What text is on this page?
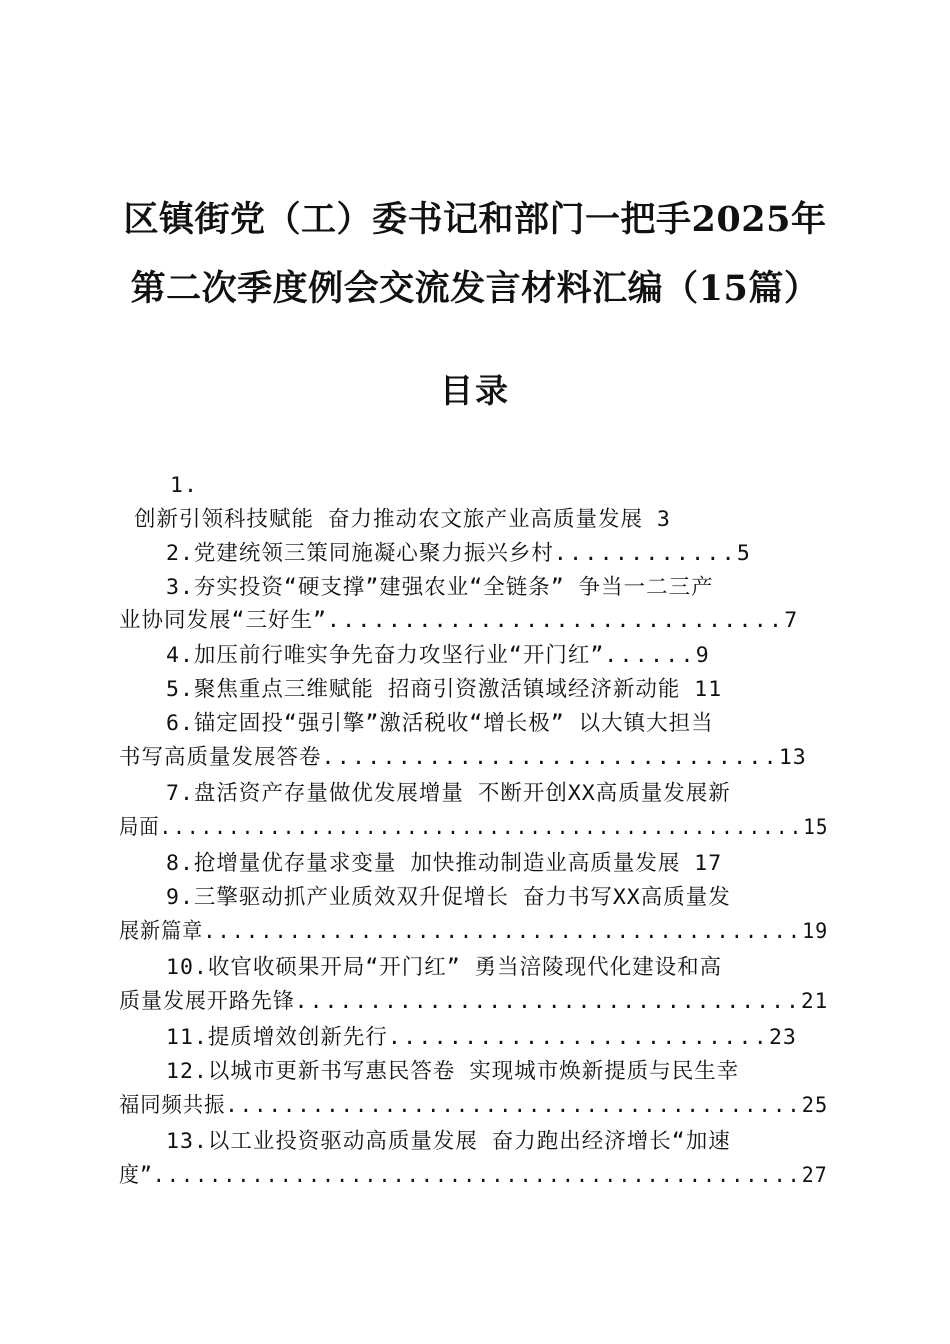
区镇街党（工）委书记和部门一把手2025年
第二次季度例会交流发言材料汇编（15篇）
目录
1.
创新引领科技赋能 奋力推动农文旅产业高质量发展 3
2.党建统领三策同施凝心聚力振兴乡村............5
3.夯实投资“硬支撑”建强农业“全链条” 争当一二三产
业协同发展“三好生”..............................7
4.加压前行唯实争先奋力攻坚行业“开门红”......9
5.聚焦重点三维赋能 招商引资激活镇域经济新动能 11
6.锚定固投“强引擎”激活税收“增长极” 以大镇大担当
书写高质量发展答卷..............................13
7.盘活资产存量做优发展增量 不断开创XX高质量发展新
局面...............................................15
8.抢增量优存量求变量 加快推动制造业高质量发展 17
9.三擎驱动抓产业质效双升促增长 奋力书写XX高质量发
展新篇章..........................................19
10.收官收硕果开局“开门红” 勇当涪陵现代化建设和高
质量发展开路先锋..................................21
11.提质增效创新先行.........................23
12.以城市更新书写惠民答卷 实现城市焕新提质与民生幸
福同频共振........................................25
13.以工业投资驱动高质量发展 奋力跑出经济增长“加速
度”..............................................27
